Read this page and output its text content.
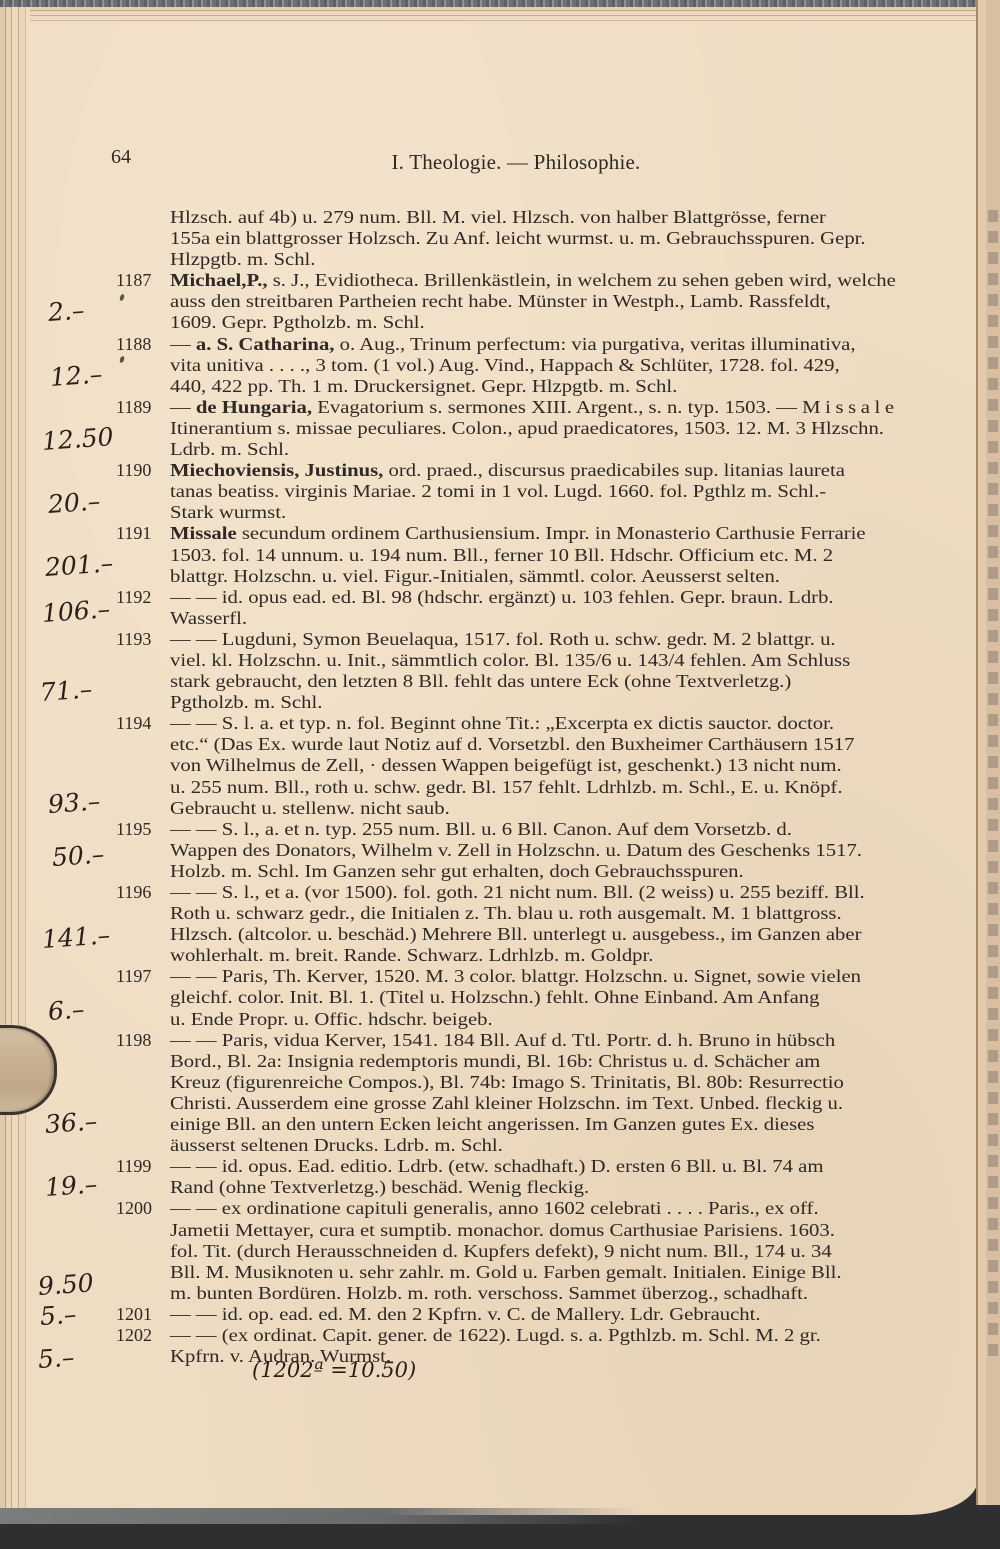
64	I. Theologie. — Philosophie.
Hlzsch. auf 4b) u. 279 num. Bll. M. viel. Hlzsch. von halber Blattgrösse, ferner
155a ein blattgrosser Holzsch. Zu Anf. leicht wurmst. u. m. Gebrauchsspuren. Gepr.
Hlzpgtb. m. Schl.
Michael,P., s. J., Evidiotheca. Brillenkästlein, in welchem zu sehen geben wird, welche
1187
auss den streitbaren Partheien recht habe. Münster in Westph., Lamb. Rassfeldt,
1609. Gepr. Pgtholzb. m. Schl.
— a. S. Catharina, o. Aug., Trinum perfectum: via purgativa, veritas illuminativa,
1188
vita unitiva . . . ., 3 tom. (1 vol.) Aug. Vind., Happach & Schlüter, 1728. fol. 429,
440, 422 pp. Th. 1 m. Druckersignet. Gepr. Hlzpgtb. m. Schl.
— de Hungaria, Evagatorium s. sermones XIII. Argent., s. n. typ. 1503. — Missale
1189
Itinerantium s. missae peculiares. Colon., apud praedicatores, 1503. 12. M. 3 Hlzschn.
Ldrb. m. Schl.
Miechoviensis, Justinus, ord. praed., discursus praedicabiles sup. litanias laureta
1190
tanas beatiss. virginis Mariae. 2 tomi in 1 vol. Lugd. 1660. fol. Pgthlz m. Schl.-
Stark wurmst.
Missale secundum ordinem Carthusiensium. Impr. in Monasterio Carthusie Ferrarie
1191
1503. fol. 14 unnum. u. 194 num. Bll., ferner 10 Bll. Hdschr. Officium etc. M. 2
blattgr. Holzschn. u. viel. Figur.-Initialen, sämmtl. color. Aeusserst selten.
— — id. opus ead. ed. Bl. 98 (hdschr. ergänzt) u. 103 fehlen. Gepr. braun. Ldrb.
1192
Wasserfl.
— — Lugduni, Symon Beuelaqua, 1517. fol. Roth u. schw. gedr. M. 2 blattgr. u.
1193
viel. kl. Holzschn. u. Init., sämmtlich color. Bl. 135/6 u. 143/4 fehlen. Am Schluss
stark gebraucht, den letzten 8 Bll. fehlt das untere Eck (ohne Textverletzg.)
Pgtholzb. m. Schl.
— — S. l. a. et typ. n. fol. Beginnt ohne Tit.: „Excerpta ex dictis sauctor. doctor.
1194
etc.“ (Das Ex. wurde laut Notiz auf d. Vorsetzbl. den Buxheimer Carthäusern 1517
von Wilhelmus de Zell, · dessen Wappen beigefügt ist, geschenkt.) 13 nicht num.
u. 255 num. Bll., roth u. schw. gedr. Bl. 157 fehlt. Ldrhlzb. m. Schl., E. u. Knöpf.
Gebraucht u. stellenw. nicht saub.
— — S. l., a. et n. typ. 255 num. Bll. u. 6 Bll. Canon. Auf dem Vorsetzb. d.
1195
Wappen des Donators, Wilhelm v. Zell in Holzschn. u. Datum des Geschenks 1517.
Holzb. m. Schl. Im Ganzen sehr gut erhalten, doch Gebrauchsspuren.
— — S. l., et a. (vor 1500). fol. goth. 21 nicht num. Bll. (2 weiss) u. 255 beziff. Bll.
1196
Roth u. schwarz gedr., die Initialen z. Th. blau u. roth ausgemalt. M. 1 blattgross.
Hlzsch. (altcolor. u. beschäd.) Mehrere Bll. unterlegt u. ausgebess., im Ganzen aber
wohlerhalt. m. breit. Rande. Schwarz. Ldrhlzb. m. Goldpr.
— — Paris, Th. Kerver, 1520. M. 3 color. blattgr. Holzschn. u. Signet, sowie vielen
1197
gleichf. color. Init. Bl. 1. (Titel u. Holzschn.) fehlt. Ohne Einband. Am Anfang
u. Ende Propr. u. Offic. hdschr. beigeb.
— — Paris, vidua Kerver, 1541. 184 Bll. Auf d. Ttl. Portr. d. h. Bruno in hübsch
1198
Bord., Bl. 2a: Insignia redemptoris mundi, Bl. 16b: Christus u. d. Schächer am
Kreuz (figurenreiche Compos.), Bl. 74b: Imago S. Trinitatis, Bl. 80b: Resurrectio
Christi. Ausserdem eine grosse Zahl kleiner Holzschn. im Text. Unbed. fleckig u.
einige Bll. an den untern Ecken leicht angerissen. Im Ganzen gutes Ex. dieses
äusserst seltenen Drucks. Ldrb. m. Schl.
— — id. opus. Ead. editio. Ldrb. (etw. schadhaft.) D. ersten 6 Bll. u. Bl. 74 am
1199
Rand (ohne Textverletzg.) beschäd. Wenig fleckig.
— — ex ordinatione capituli generalis, anno 1602 celebrati . . . . Paris., ex off.
1200
Jametii Mettayer, cura et sumptib. monachor. domus Carthusiae Parisiens. 1603.
fol. Tit. (durch Herausschneiden d. Kupfers defekt), 9 nicht num. Bll., 174 u. 34
Bll. M. Musiknoten u. sehr zahlr. m. Gold u. Farben gemalt. Initialen. Einige Bll.
m. bunten Bordüren. Holzb. m. roth. verschoss. Sammet überzog., schadhaft.
— — id. op. ead. ed. M. den 2 Kpfrn. v. C. de Mallery. Ldr. Gebraucht.
1201
— — (ex ordinat. Capit. gener. de 1622). Lugd. s. a. Pgthlzb. m. Schl. M. 2 gr.
1202
Kpfrn. v. Audran. Wurmst.
2.–
12.–
12.50
20.–
201.–
106.–
71.–
93.–
50.–
141.–
6.–
36.–
19.–
9.50
5.–
5.–	(1202ª =10.50)
